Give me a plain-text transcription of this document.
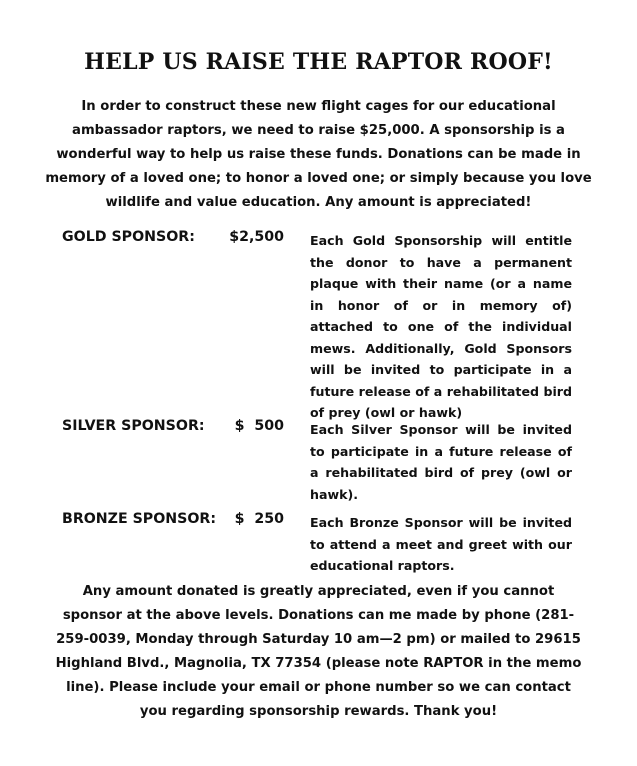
HELP US RAISE THE RAPTOR ROOF!
In order to construct these new flight cages for our educational ambassador raptors, we need to raise $25,000. A sponsorship is a wonderful way to help us raise these funds. Donations can be made in memory of a loved one; to honor a loved one; or simply because you love wildlife and value education. Any amount is appreciated!
GOLD SPONSOR:	$2,500 Each Gold Sponsorship will entitle the donor to have a permanent plaque with their name (or a name in honor of or in memory of) attached to one of the individual mews. Additionally, Gold Sponsors will be invited to participate in a future release of a rehabilitated bird of prey (owl or hawk)
SILVER SPONSOR:	$  500 Each Silver Sponsor will be invited to participate in a future release of a rehabilitated bird of prey (owl or hawk).
BRONZE SPONSOR:	$  250 Each Bronze Sponsor will be invited to attend a meet and greet with our educational raptors.
Any amount donated is greatly appreciated, even if you cannot sponsor at the above levels. Donations can me made by phone (281-259-0039, Monday through Saturday 10 am—2 pm) or mailed to 29615 Highland Blvd., Magnolia, TX 77354 (please note RAPTOR in the memo line). Please include your email or phone number so we can contact you regarding sponsorship rewards. Thank you!
